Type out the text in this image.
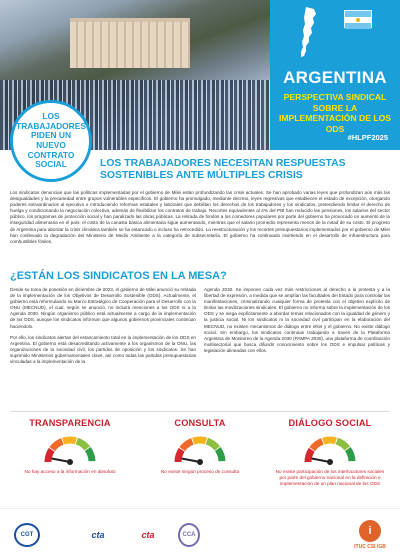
ARGENTINA
PERSPECTIVA SINDICAL SOBRE LA IMPLEMENTACIÓN DE LOS ODS
#HLPF2025
LOS TRABAJADORES PIDEN UN NUEVO CONTRATO SOCIAL	LOS TRABAJADORES NECESITAN RESPUESTAS SOSTENIBLES ANTE MÚLTIPLES CRISIS
Los sindicatos denuncian que las políticas implementadas por el gobierno de Milei están profundizando las crisis actuales. Se han aprobado varias leyes que profundizan aún más las desigualdades y la precariedad entre grupos vulnerables específicos. El gobierno ha promulgado, mediante decreto, leyes regresivas que establecen el estado de excepción, otorgando poderes extraordinarios al ejecutivo e introduciendo reformas estatales y laborales que debilitan los derechos de los trabajadores y los sindicatos, pretendiendo limitar el derecho de huelga y condicionando la negociación colectiva, además de flexibilizar los contratos de trabajo. Recortes equivalentes al 4% del PIB han reducido las pensiones, los salarios del sector público, los programas de protección social y han paralizado las obras públicas. La retirada de fondos a los comedores populares por parte del gobierno ha provocado un aumento de la inseguridad alimentaria en el país: el costo de la canasta básica alimentaria sigue aumentando, mientras que el salario promedio representa menos de la mitad de su costo. El progreso de Argentina para abordar la crisis climática también se ha estancado o incluso ha retrocedido. La reestructuración y los recortes presupuestarios implementados por el gobierno de Milei han conllevado la degradación del Ministerio de Medio Ambiente a la categoría de subsecretaría. El gobierno ha continuado invirtiendo en el desarrollo de infraestructura para combustibles fósiles.
¿ESTÁN LOS SINDICATOS EN LA MESA?

Desde su toma de posesión en diciembre de 2023, el gobierno de Milei anunció su retirada de la implementación de los Objetivos de Desarrollo Sostenible (ODS). Actualmente, el gobierno está reformulando su Marco Estratégico de Cooperación para el Desarrollo con la ONU (MECNUD), el cual, según se anunció, no incluirá menciones a los ODS ni a la Agenda 2030. Ningún organismo público está actualmente a cargo de la implementación de los ODS, aunque los sindicatos informan que algunos gobiernos provinciales continúan haciéndolo.

Por ello, los sindicatos alertan del estancamiento total en la implementación de los ODS en Argentina. El gobierno está desacreditando activamente a los organismos de la ONU, las organizaciones de la sociedad civil, los partidos de oposición y los sindicatos. Se han suprimido Ministerios gubernamentales clave, así como todas las partidas presupuestarias vinculadas a la implementación de la

Agenda 2030. Se imponen cada vez más restricciones al derecho a la protesta y a la libertad de expresión, a medida que se amplían las facultades del Estado para controlar las manifestaciones, criminalizando cualquier forma de protesta con el objetivo explícito de limitar las movilizaciones sindicales. El gobierno no informa sobre la implementación de los ODS y se niega explícitamente a abordar temas relacionados con la igualdad de género y la justicia social. Ni los sindicatos ni la sociedad civil participan en la elaboración del MECNUD, no existen mecanismos de diálogo entre ellos y el gobierno. No existe diálogo social. Sin embargo, los sindicatos continúan trabajando a través de la Plataforma Argentina de Monitoreo de la Agenda 2030 (PAMPA 2030), una plataforma de coordinación multisectorial que busca difundir conocimiento sobre los ODS e impulsar políticas y legislación alineadas con ellos.

TRANSPARENCIA
No hay acceso a la información en absoluto
CONSULTA
No existe ningún proceso de consulta
DIÁLOGO SOCIAL
No existe participación de los interlocutores sociales por parte del gobierno nacional en la definición e implementación de un plan nacional de los ODS
CGT	cta	cta	CCA	i
ITUC CSI IGB
